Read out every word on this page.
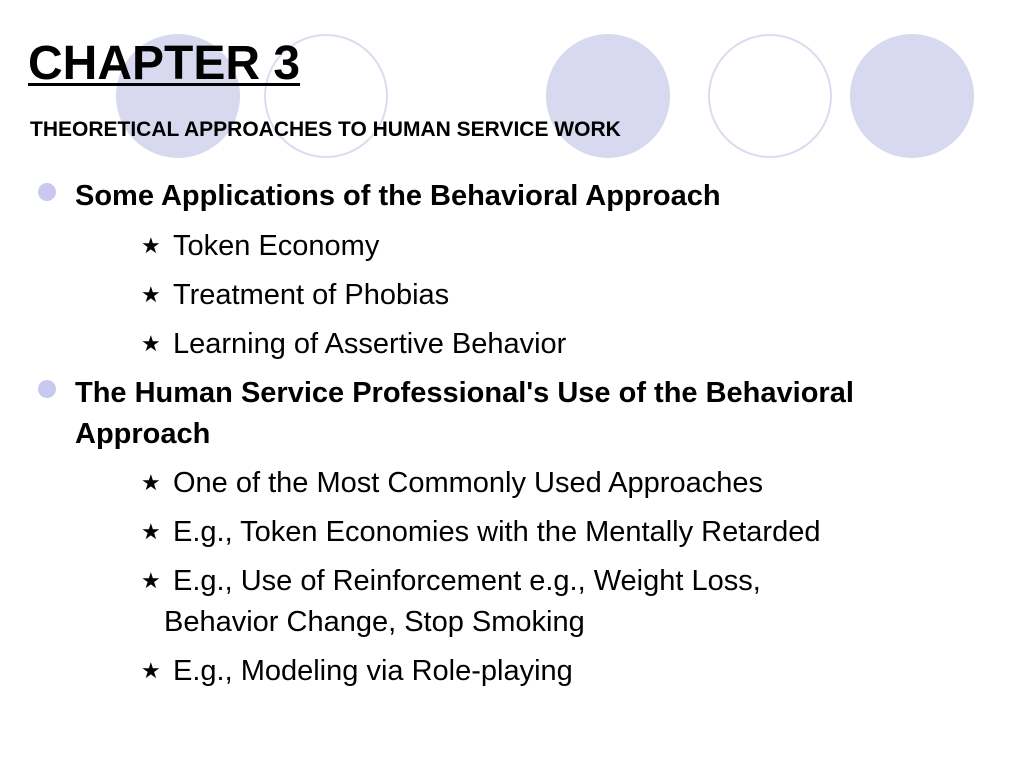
CHAPTER 3
THEORETICAL APPROACHES TO HUMAN SERVICE WORK
Some Applications of the Behavioral Approach
★ Token Economy
★ Treatment of Phobias
★ Learning of Assertive Behavior
The Human Service Professional's Use of the Behavioral Approach
★ One of the Most Commonly Used Approaches
★ E.g., Token Economies with the Mentally Retarded
★ E.g., Use of Reinforcement e.g., Weight Loss,
Behavior Change, Stop Smoking
★ E.g., Modeling via Role-playing
